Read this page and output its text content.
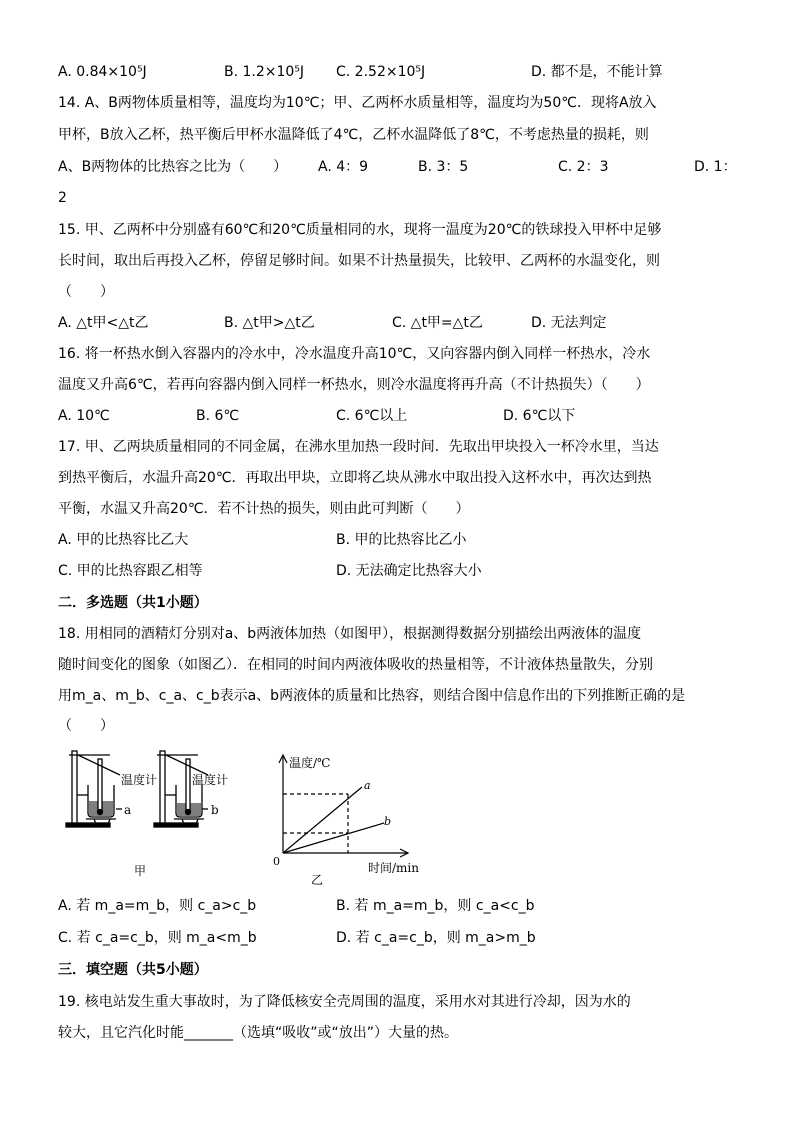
A. 0.84×10⁵J	B. 1.2×10⁵J C. 2.52×10⁵J	D. 都不是，不能计算
14. A、B两物体质量相等，温度均为10℃；甲、乙两杯水质量相等，温度均为50℃．现将A放入
甲杯，B放入乙杯，热平衡后甲杯水温降低了4℃，乙杯水温降低了8℃，不考虑热量的损耗，则
A、B两物体的比热容之比为（　　） A. 4：9	B. 3：5	C. 2：3	D. 1：
2
15. 甲、乙两杯中分别盛有60℃和20℃质量相同的水，现将一温度为20℃的铁球投入甲杯中足够
长时间，取出后再投入乙杯，停留足够时间。如果不计热量损失，比较甲、乙两杯的水温变化，则
（　　）
A. △t甲<△t乙	B. △t甲>△t乙	C. △t甲=△t乙	D. 无法判定
16. 将一杯热水倒入容器内的冷水中，冷水温度升高10℃，又向容器内倒入同样一杯热水，冷水
温度又升高6℃，若再向容器内倒入同样一杯热水，则冷水温度将再升高（不计热损失）（　　）
A. 10℃	B. 6℃	C. 6℃以上	D. 6℃以下
17. 甲、乙两块质量相同的不同金属，在沸水里加热一段时间．先取出甲块投入一杯冷水里，当达
到热平衡后，水温升高20℃．再取出甲块，立即将乙块从沸水中取出投入这杯水中，再次达到热
平衡，水温又升高20℃．若不计热的损失，则由此可判断（　　）
A. 甲的比热容比乙大	B. 甲的比热容比乙小
C. 甲的比热容跟乙相等	D. 无法确定比热容大小
二．多选题（共1小题）
18. 用相同的酒精灯分别对a、b两液体加热（如图甲），根据测得数据分别描绘出两液体的温度
随时间变化的图象（如图乙）．在相同的时间内两液体吸收的热量相等，不计液体热量散失，分别
用m_a、m_b、c_a、c_b表示a、b两液体的质量和比热容，则结合图中信息作出的下列推断正确的是
（　　）
温度计
a
温度计
b
甲
温度/℃
a
b
0	时间/min
乙
A. 若 m_a=m_b，则 c_a>c_b	B. 若 m_a=m_b，则 c_a<c_b
C. 若 c_a=c_b，则 m_a<m_b	D. 若 c_a=c_b，则 m_a>m_b
三．填空题（共5小题）
19. 核电站发生重大事故时，为了降低核安全壳周围的温度，采用水对其进行冷却，因为水的
较大，且它汽化时能_______（选填“吸收”或“放出”）大量的热。
